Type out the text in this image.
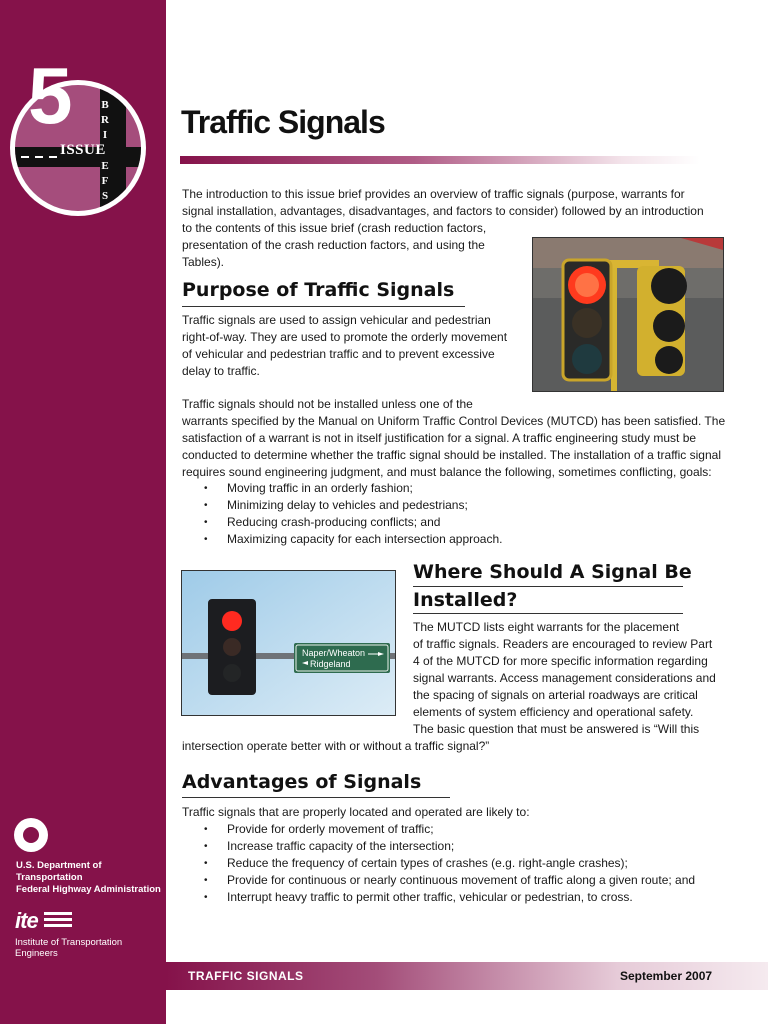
5
ISSUE
B
R
I
E
F
S
U.S. Department of Transportation
Federal Highway Administration
ite
Institute of Transportation Engineers
Traffic Signals
The introduction to this issue brief provides an overview of traffic signals (purpose, warrants for
signal installation, advantages, disadvantages, and factors to consider) followed by an introduction
to the contents of this issue brief (crash reduction factors,
presentation of the crash reduction factors, and using the
Tables).
Purpose of Traffic Signals
Traffic signals are used to assign vehicular and pedestrian
right-of-way. They are used to promote the orderly movement
of vehicular and pedestrian traffic and to prevent excessive
delay to traffic.
Traffic signals should not be installed unless one of the
warrants specified by the Manual on Uniform Traffic Control Devices (MUTCD) has been satisfied. The
satisfaction of a warrant is not in itself justification for a signal. A traffic engineering study must be
conducted to determine whether the traffic signal should be installed. The installation of a traffic signal
requires sound engineering judgment, and must balance the following, sometimes conflicting, goals:
• Moving traffic in an orderly fashion;
• Minimizing delay to vehicles and pedestrians;
• Reducing crash-producing conflicts; and
• Maximizing capacity for each intersection approach.
Naper/Wheaton
Ridgeland
Where Should A Signal Be
Installed?
The MUTCD lists eight warrants for the placement
of traffic signals. Readers are encouraged to review Part
4 of the MUTCD for more specific information regarding
signal warrants. Access management considerations and
the spacing of signals on arterial roadways are critical
elements of system efficiency and operational safety.
The basic question that must be answered is “Will this
intersection operate better with or without a traffic signal?”
Advantages of Signals
Traffic signals that are properly located and operated are likely to:
• Provide for orderly movement of traffic;
• Increase traffic capacity of the intersection;
• Reduce the frequency of certain types of crashes (e.g. right-angle crashes);
• Provide for continuous or nearly continuous movement of traffic along a given route; and
• Interrupt heavy traffic to permit other traffic, vehicular or pedestrian, to cross.
TRAFFIC SIGNALS	September 2007
